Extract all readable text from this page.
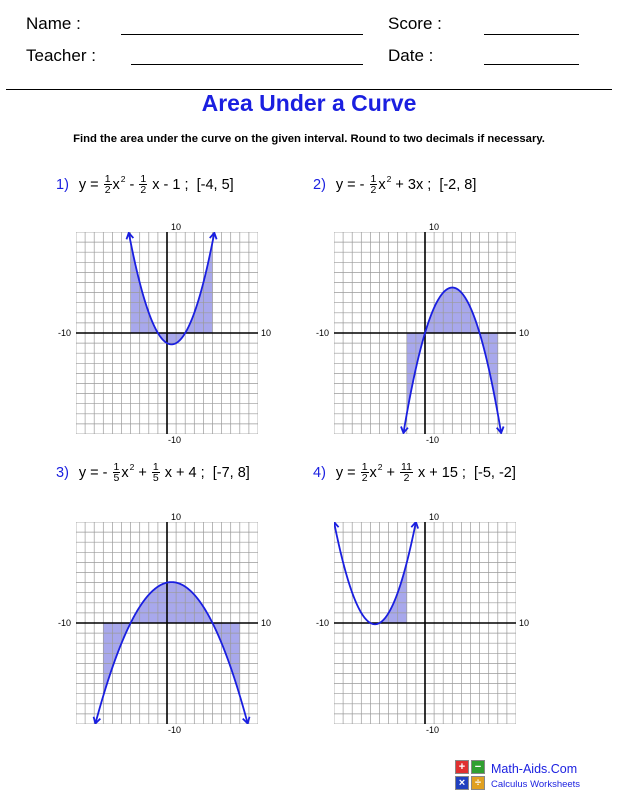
Name :	Score :
Teacher :	Date :
Area Under a Curve
Find the area under the curve on the given interval. Round to two decimals if necessary.
1) y =
$\frac{1}{2}$ x $2 - \frac{1}{2}$ x - 1 ;  [-4, 5]	2) y = -
$\frac{1}{2}$ x 2 + 3x ;  [-2, 8]
3) y = -
$\frac{1}{5}$ x $2 + \frac{1}{5}$ x + 4 ;  [-7, 8]	4) y =
$\frac{1}{2}$ x $2 + \frac{11}{2}$ x + 15 ;  [-5, -2]
10
-10
-10	10
10
-10
-10	10
10
-10
-10	10
10
-10
-10	10
+ −
× ÷
Math-Aids.Com
Calculus Worksheets
